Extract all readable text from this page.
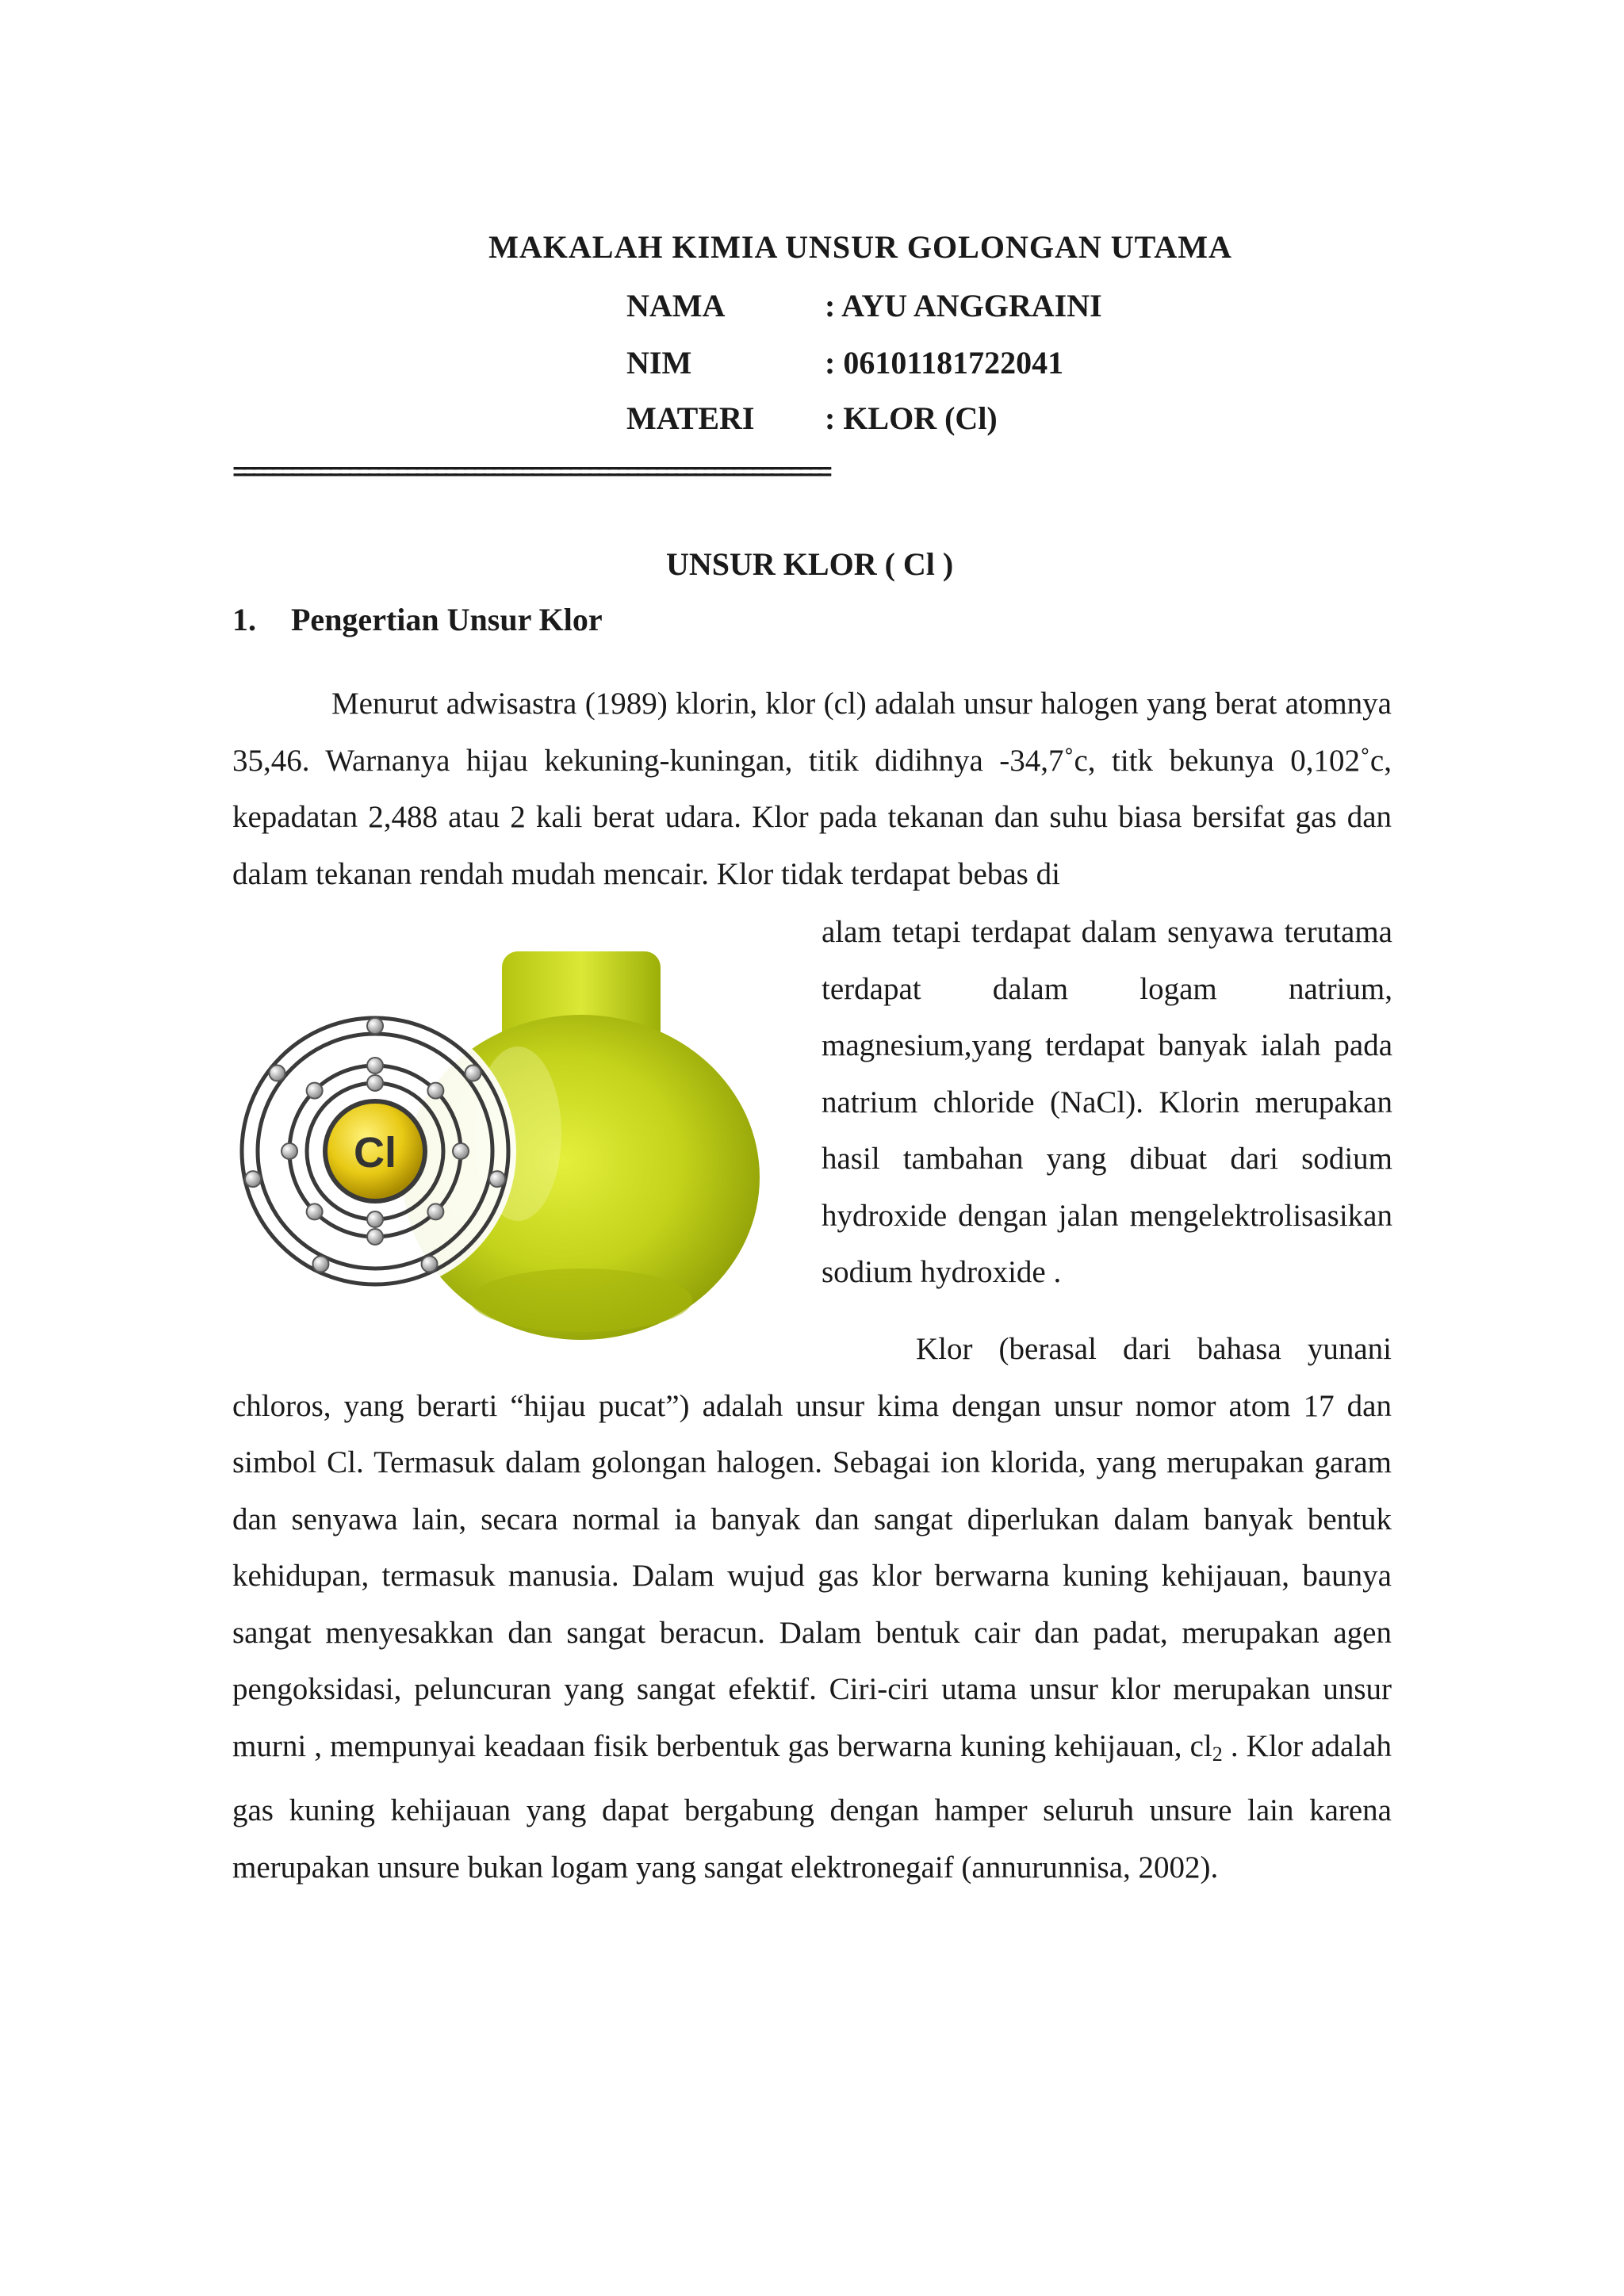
MAKALAH KIMIA UNSUR GOLONGAN UTAMA
NAMA	: AYU ANGGRAINI
NIM	: 06101181722041
MATERI : KLOR (Cl)
==============================================================
UNSUR KLOR ( Cl )
1. Pengertian Unsur Klor
Menurut adwisastra (1989) klorin, klor (cl) adalah unsur halogen yang berat atomnya 35,46. Warnanya hijau kekuning-kuningan, titik didihnya -34,7˚c, titk bekunya 0,102˚c, kepadatan 2,488 atau 2 kali berat udara. Klor pada tekanan dan suhu biasa bersifat gas dan dalam tekanan rendah mudah mencair. Klor tidak terdapat bebas di
alam tetapi terdapat dalam senyawa terutama terdapat dalam logam natrium, magnesium,yang terdapat banyak ialah pada natrium chloride (NaCl). Klorin merupakan hasil tambahan yang dibuat dari sodium hydroxide dengan jalan mengelektrolisasikan sodium hydroxide .
Cl
Klor (berasal dari bahasa yunani chloros, yang berarti “hijau pucat”) adalah unsur kima dengan unsur nomor atom 17 dan simbol Cl. Termasuk dalam golongan halogen. Sebagai ion klorida, yang merupakan garam dan senyawa lain, secara normal ia banyak dan sangat diperlukan dalam banyak bentuk kehidupan, termasuk manusia. Dalam wujud gas klor berwarna kuning kehijauan, baunya sangat menyesakkan dan sangat beracun. Dalam bentuk cair dan padat, merupakan agen pengoksidasi, peluncuran yang sangat efektif. Ciri-ciri utama unsur klor merupakan unsur murni , mempunyai keadaan fisik berbentuk gas berwarna kuning kehijauan, $cl_2$ . Klor adalah gas kuning kehijauan yang dapat bergabung dengan hamper seluruh unsure lain karena merupakan unsure bukan logam yang sangat elektronegaif (annurunnisa, 2002).
